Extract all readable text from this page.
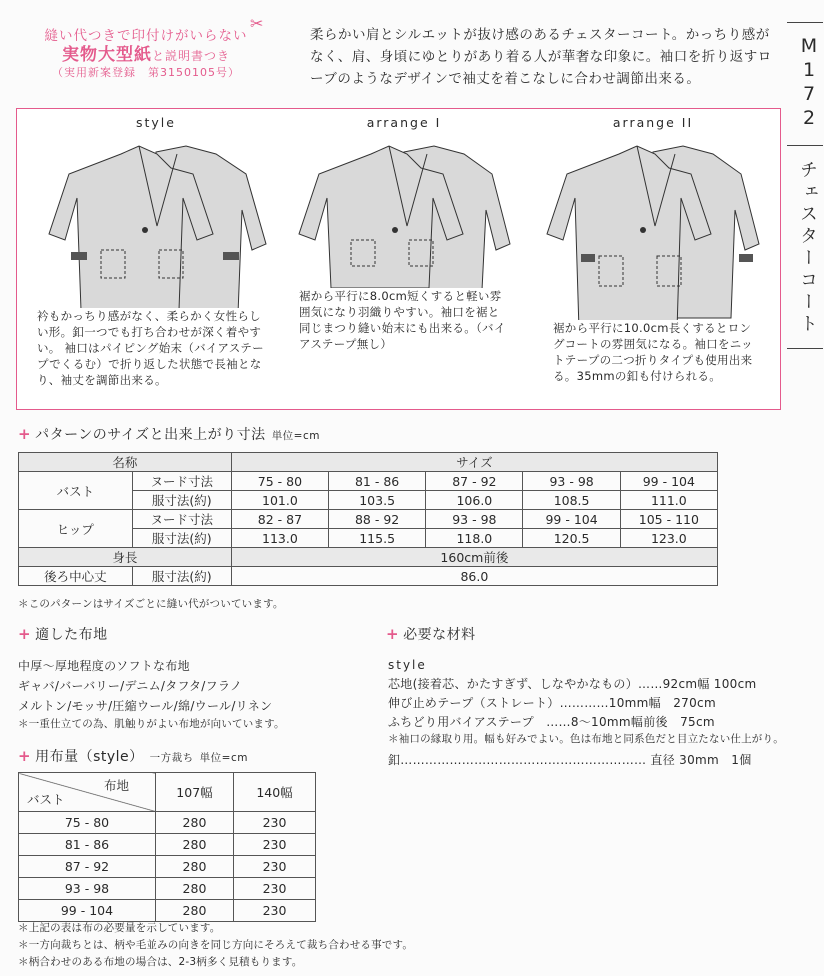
縫い代つきで印付けがいらない
実物大型紙と説明書つき
（実用新案登録　第3150105号）
✂
柔らかい肩とシルエットが抜け感のあるチェスターコート。かっちり感がなく、肩、身頃にゆとりがあり着る人が華奢な印象に。袖口を折り返すローブのようなデザインで袖丈を着こなしに合わせ調節出来る。	M172
チェスターコート
style
衿もかっちり感がなく、柔らかく女性らしい形。釦一つでも打ち合わせが深く着やすい。 袖口はパイピング始末（バイアステープでくるむ）で折り返した状態で長袖となり、袖丈を調節出来る。
arrange I
裾から平行に8.0cm短くすると軽い雰囲気になり羽織りやすい。袖口を裾と同じまつり縫い始末にも出来る。（バイアステープ無し）
arrange II
裾から平行に10.0cm長くするとロングコートの雰囲気になる。袖口をニットテープの二つ折りタイプも使用出来る。35mmの釦も付けられる。
+ パターンのサイズと出来上がり寸法 単位=cm
名称		サイズ				
バスト	ヌード寸法	75 - 80	81 - 86	87 - 92	93 - 98	99 - 104
	服寸法(約)	101.0	103.5	106.0	108.5	111.0
ヒップ	ヌード寸法	82 - 87	88 - 92	93 - 98	99 - 104	105 - 110
	服寸法(約)	113.0	115.5	118.0	120.5	123.0
身長		160cm前後				
後ろ中心丈	服寸法(約)	86.0				
＊このパターンはサイズごとに縫い代がついています。
+ 適した布地
中厚～厚地程度のソフトな布地
ギャバ/バーバリー/デニム/タフタ/フラノ
メルトン/モッサ/圧縮ウール/綿/ウール/リネン
＊一重仕立ての為、肌触りがよい布地が向いています。
+ 用布量（style） 一方裁ち 単位=cm
布地
バスト	107幅	140幅
75 - 80	280	230
81 - 86	280	230
87 - 92	280	230
93 - 98	280	230
99 - 104	280	230
＊上記の表は布の必要量を示しています。
＊一方向裁ちとは、柄や毛並みの向きを同じ方向にそろえて裁ち合わせる事です。
＊柄合わせのある布地の場合は、2-3柄多く見積もります。
+ 必要な材料
style
芯地(接着芯、かたすぎず、しなやかなもの）……92cm幅 100cm
伸び止めテープ（ストレート）…………10mm幅　270cm
ふちどり用バイアステープ　……8～10mm幅前後　75cm
＊袖口の縁取り用。幅も好みでよい。色は布地と同系色だと目立たない仕上がり。
釦…………………………………………………… 直径 30mm　1個
